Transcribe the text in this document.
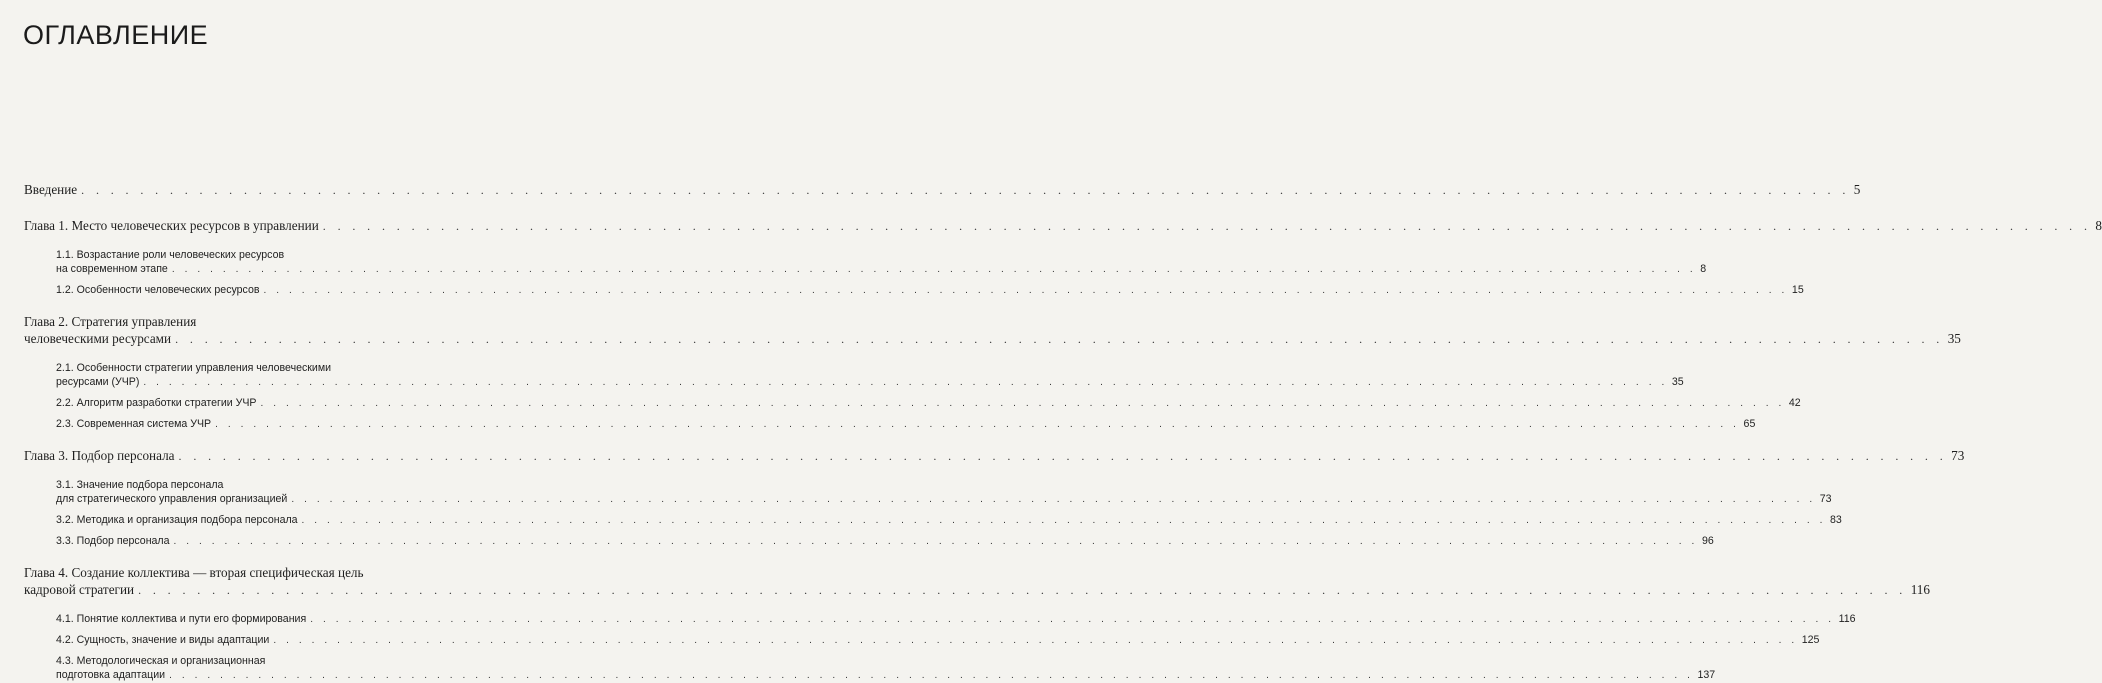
ОГЛАВЛЕНИЕ
Введение . . . . . . . . . . . . . . . . . . . . . . . . . . . . . . . . . . . . . . . . . . . . . . . . . . . . . . . . . . . . . . . . . . . . . . . . . . . . . . . . . . . . . . . . . . . . . . . . . . . . . . . . . . . . . . . . . . . . . . . . 5
Глава 1. Место человеческих ресурсов в управлении . . . . . . . . . . . . . . . . . . . . . . . . . . . . . . . . . . . . . . . . . . . . . . . . . . . . . . . . . . . . . . . . . . . . . . . . . . . . . . . . . . . . . . . . . . . . . . . . . . . . . . . . . . . . . . . . . . . . . . . . 8
1.1. Возрастание роли человеческих ресурсов
на современном этапе . . . . . . . . . . . . . . . . . . . . . . . . . . . . . . . . . . . . . . . . . . . . . . . . . . . . . . . . . . . . . . . . . . . . . . . . . . . . . . . . . . . . . . . . . . . . . . . . . . . . . . . . . . . . . . . . . . . . . . . . 8
1.2. Особенности человеческих ресурсов . . . . . . . . . . . . . . . . . . . . . . . . . . . . . . . . . . . . . . . . . . . . . . . . . . . . . . . . . . . . . . . . . . . . . . . . . . . . . . . . . . . . . . . . . . . . . . . . . . . . . . . . . . . . . . . . . . . . . . . . 15
Глава 2. Стратегия управления
человеческими ресурсами . . . . . . . . . . . . . . . . . . . . . . . . . . . . . . . . . . . . . . . . . . . . . . . . . . . . . . . . . . . . . . . . . . . . . . . . . . . . . . . . . . . . . . . . . . . . . . . . . . . . . . . . . . . . . . . . . . . . . . . . 35
2.1. Особенности стратегии управления человеческими
ресурсами (УЧР) . . . . . . . . . . . . . . . . . . . . . . . . . . . . . . . . . . . . . . . . . . . . . . . . . . . . . . . . . . . . . . . . . . . . . . . . . . . . . . . . . . . . . . . . . . . . . . . . . . . . . . . . . . . . . . . . . . . . . . . . 35
2.2. Алгоритм разработки стратегии УЧР . . . . . . . . . . . . . . . . . . . . . . . . . . . . . . . . . . . . . . . . . . . . . . . . . . . . . . . . . . . . . . . . . . . . . . . . . . . . . . . . . . . . . . . . . . . . . . . . . . . . . . . . . . . . . . . . . . . . . . . . 42
2.3. Современная система УЧР . . . . . . . . . . . . . . . . . . . . . . . . . . . . . . . . . . . . . . . . . . . . . . . . . . . . . . . . . . . . . . . . . . . . . . . . . . . . . . . . . . . . . . . . . . . . . . . . . . . . . . . . . . . . . . . . . . . . . . . . 65
Глава 3. Подбор персонала . . . . . . . . . . . . . . . . . . . . . . . . . . . . . . . . . . . . . . . . . . . . . . . . . . . . . . . . . . . . . . . . . . . . . . . . . . . . . . . . . . . . . . . . . . . . . . . . . . . . . . . . . . . . . . . . . . . . . . . . 73
3.1. Значение подбора персонала
для стратегического управления организацией . . . . . . . . . . . . . . . . . . . . . . . . . . . . . . . . . . . . . . . . . . . . . . . . . . . . . . . . . . . . . . . . . . . . . . . . . . . . . . . . . . . . . . . . . . . . . . . . . . . . . . . . . . . . . . . . . . . . . . . . 73
3.2. Методика и организация подбора персонала . . . . . . . . . . . . . . . . . . . . . . . . . . . . . . . . . . . . . . . . . . . . . . . . . . . . . . . . . . . . . . . . . . . . . . . . . . . . . . . . . . . . . . . . . . . . . . . . . . . . . . . . . . . . . . . . . . . . . . . . 83
3.3. Подбор персонала . . . . . . . . . . . . . . . . . . . . . . . . . . . . . . . . . . . . . . . . . . . . . . . . . . . . . . . . . . . . . . . . . . . . . . . . . . . . . . . . . . . . . . . . . . . . . . . . . . . . . . . . . . . . . . . . . . . . . . . . 96
Глава 4. Создание коллектива — вторая специфическая цель
кадровой стратегии . . . . . . . . . . . . . . . . . . . . . . . . . . . . . . . . . . . . . . . . . . . . . . . . . . . . . . . . . . . . . . . . . . . . . . . . . . . . . . . . . . . . . . . . . . . . . . . . . . . . . . . . . . . . . . . . . . . . . . . . 116
4.1. Понятие коллектива и пути его формирования . . . . . . . . . . . . . . . . . . . . . . . . . . . . . . . . . . . . . . . . . . . . . . . . . . . . . . . . . . . . . . . . . . . . . . . . . . . . . . . . . . . . . . . . . . . . . . . . . . . . . . . . . . . . . . . . . . . . . . . . 116
4.2. Сущность, значение и виды адаптации . . . . . . . . . . . . . . . . . . . . . . . . . . . . . . . . . . . . . . . . . . . . . . . . . . . . . . . . . . . . . . . . . . . . . . . . . . . . . . . . . . . . . . . . . . . . . . . . . . . . . . . . . . . . . . . . . . . . . . . . 125
4.3. Методологическая и организационная
подготовка адаптации . . . . . . . . . . . . . . . . . . . . . . . . . . . . . . . . . . . . . . . . . . . . . . . . . . . . . . . . . . . . . . . . . . . . . . . . . . . . . . . . . . . . . . . . . . . . . . . . . . . . . . . . . . . . . . . . . . . . . . . . 137
